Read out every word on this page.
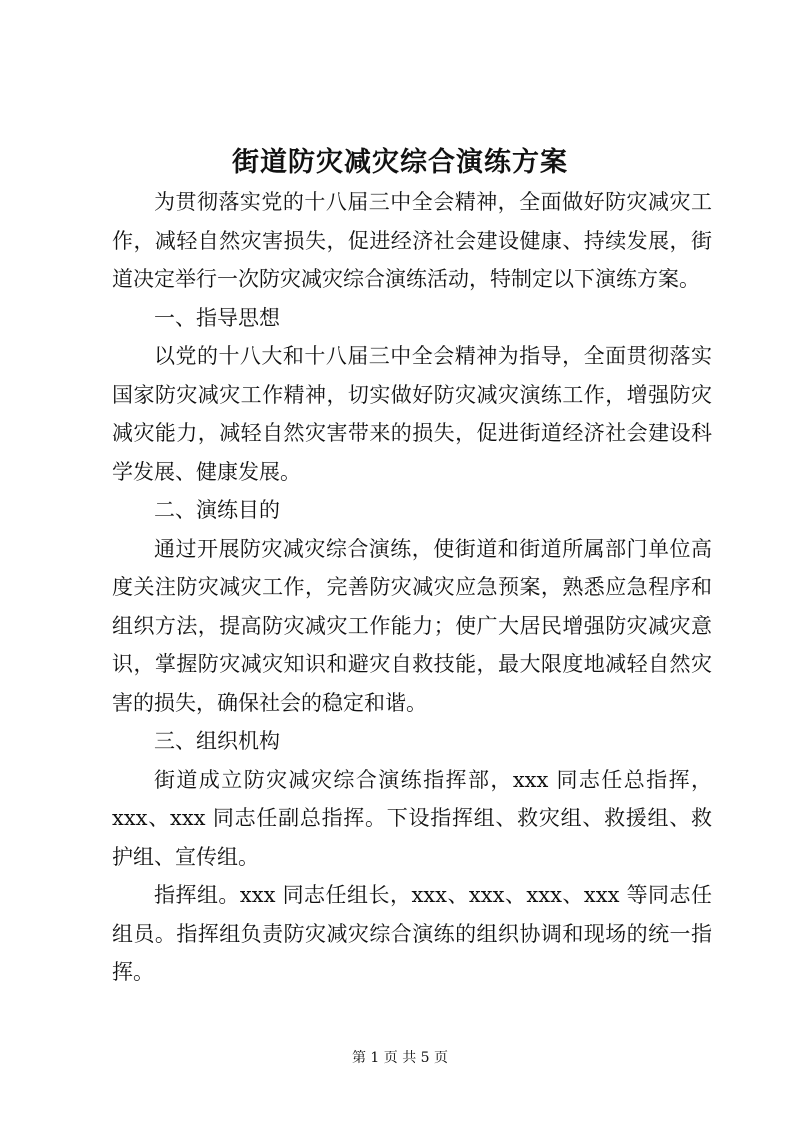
街道防灾减灾综合演练方案

为贯彻落实党的十八届三中全会精神，全面做好防灾减灾工作，减轻自然灾害损失，促进经济社会建设健康、持续发展，街道决定举行一次防灾减灾综合演练活动，特制定以下演练方案。

一、指导思想

以党的十八大和十八届三中全会精神为指导，全面贯彻落实国家防灾减灾工作精神，切实做好防灾减灾演练工作，增强防灾减灾能力，减轻自然灾害带来的损失，促进街道经济社会建设科学发展、健康发展。

二、演练目的

通过开展防灾减灾综合演练，使街道和街道所属部门单位高度关注防灾减灾工作，完善防灾减灾应急预案，熟悉应急程序和组织方法，提高防灾减灾工作能力；使广大居民增强防灾减灾意识，掌握防灾减灾知识和避灾自救技能，最大限度地减轻自然灾害的损失，确保社会的稳定和谐。

三、组织机构

街道成立防灾减灾综合演练指挥部，xxx 同志任总指挥，xxx、xxx 同志任副总指挥。下设指挥组、救灾组、救援组、救护组、宣传组。

指挥组。xxx 同志任组长，xxx、xxx、xxx、xxx 等同志任组员。指挥组负责防灾减灾综合演练的组织协调和现场的统一指挥。

第 1 页 共 5 页
